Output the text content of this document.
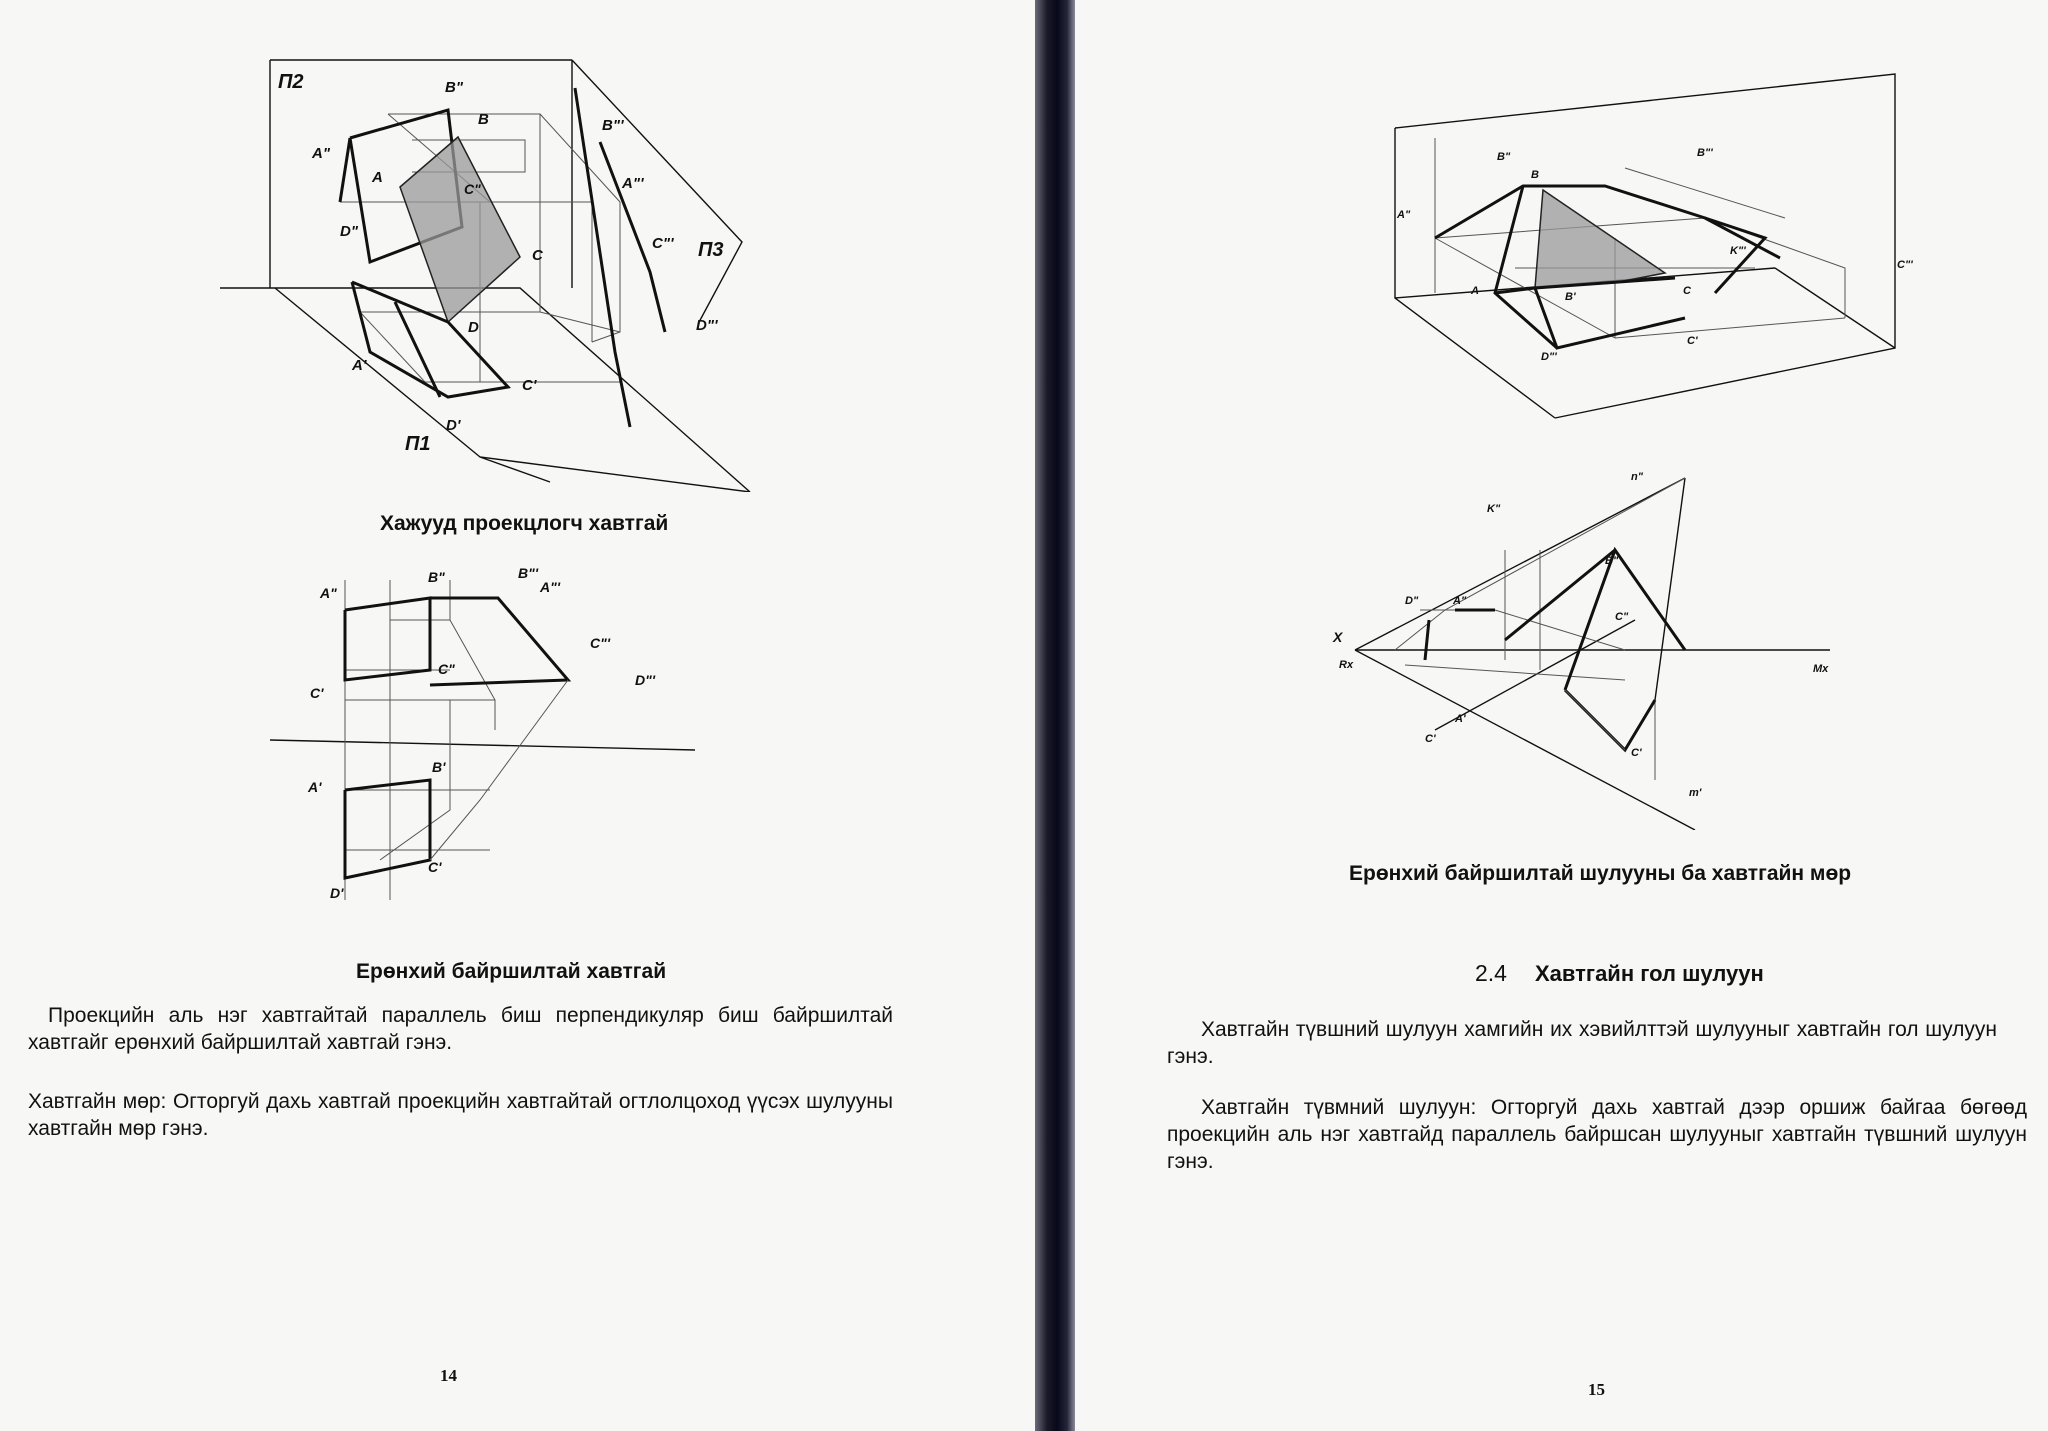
П2	B"
B	B"'
A"
A	A"'
C"
D"
C
C"' П3
D"'
D
A'
C'
D'
П1
Хажууд проекцлогч хавтгай
A"
B"	B"'
A"'
C"'
D"'
C"
C'
A'
B'
C'
D'
Ерөнхий байршилтай хавтгай
Проекцийн аль нэг хавтгайтай параллель биш перпендикуляр биш байршилтай хавтгайг ерөнхий байршилтай хавтгай гэнэ.
Хавтгайн мөр: Огторгуй дахь хавтгай проекцийн хавтгайтай огтлолцоход үүсэх шулууны хавтгайн мөр гэнэ.
14
B"
B
B"'
A"
K"'
C"'
A	B'	C
D"'
C'
n"
K"
B"
D"	A"
C"
X
Rx	Mx
A'
C'
C'
m'
Ерөнхий байршилтай шулууны ба хавтгайн мөр
2.4 Хавтгайн гол шулуун
Хавтгайн түвшний шулуун хамгийн их хэвийлттэй шулууныг хавтгайн гол шулуун гэнэ.
Хавтгайн түвмний шулуун: Огторгуй дахь хавтгай дээр оршиж байгаа бөгөөд проекцийн аль нэг хавтгайд параллель байршсан шулууныг хавтгайн түвшний шулуун гэнэ.
15
